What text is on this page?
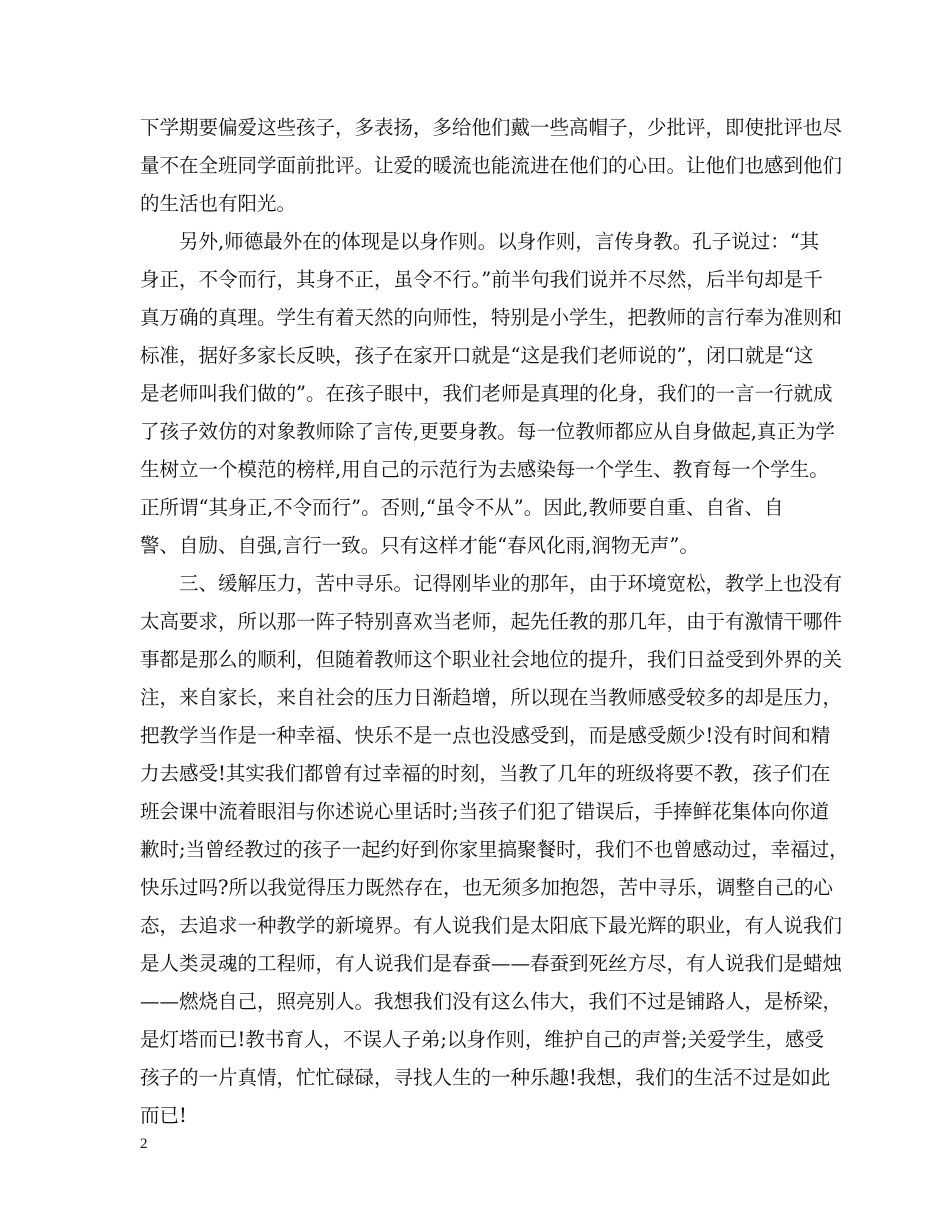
下学期要偏爱这些孩子，多表扬，多给他们戴一些高帽子，少批评，即使批评也尽
量不在全班同学面前批评。让爱的暖流也能流进在他们的心田。让他们也感到他们
的生活也有阳光。
　　另外,师德最外在的体现是以身作则。以身作则，言传身教。孔子说过：“其
身正，不令而行，其身不正，虽令不行。”前半句我们说并不尽然，后半句却是千
真万确的真理。学生有着天然的向师性，特别是小学生，把教师的言行奉为准则和
标准，据好多家长反映，孩子在家开口就是“这是我们老师说的”，闭口就是“这
是老师叫我们做的”。在孩子眼中，我们老师是真理的化身，我们的一言一行就成
了孩子效仿的对象教师除了言传,更要身教。每一位教师都应从自身做起,真正为学
生树立一个模范的榜样,用自己的示范行为去感染每一个学生、教育每一个学生。
正所谓“其身正,不令而行”。否则,“虽令不从”。因此,教师要自重、自省、自
警、自励、自强,言行一致。只有这样才能“春风化雨,润物无声”。
　　三、缓解压力，苦中寻乐。记得刚毕业的那年，由于环境宽松，教学上也没有
太高要求，所以那一阵子特别喜欢当老师，起先任教的那几年，由于有激情干哪件
事都是那么的顺利，但随着教师这个职业社会地位的提升，我们日益受到外界的关
注，来自家长，来自社会的压力日渐趋增，所以现在当教师感受较多的却是压力，
把教学当作是一种幸福、快乐不是一点也没感受到，而是感受颇少!没有时间和精
力去感受!其实我们都曾有过幸福的时刻，当教了几年的班级将要不教，孩子们在
班会课中流着眼泪与你述说心里话时;当孩子们犯了错误后，手捧鲜花集体向你道
歉时;当曾经教过的孩子一起约好到你家里搞聚餐时，我们不也曾感动过，幸福过，
快乐过吗?所以我觉得压力既然存在，也无须多加抱怨，苦中寻乐，调整自己的心
态，去追求一种教学的新境界。有人说我们是太阳底下最光辉的职业，有人说我们
是人类灵魂的工程师，有人说我们是春蚕——春蚕到死丝方尽，有人说我们是蜡烛
——燃烧自己，照亮别人。我想我们没有这么伟大，我们不过是铺路人，是桥梁，
是灯塔而已!教书育人，不误人子弟;以身作则，维护自己的声誉;关爱学生，感受
孩子的一片真情，忙忙碌碌，寻找人生的一种乐趣!我想，我们的生活不过是如此
而已!
2
